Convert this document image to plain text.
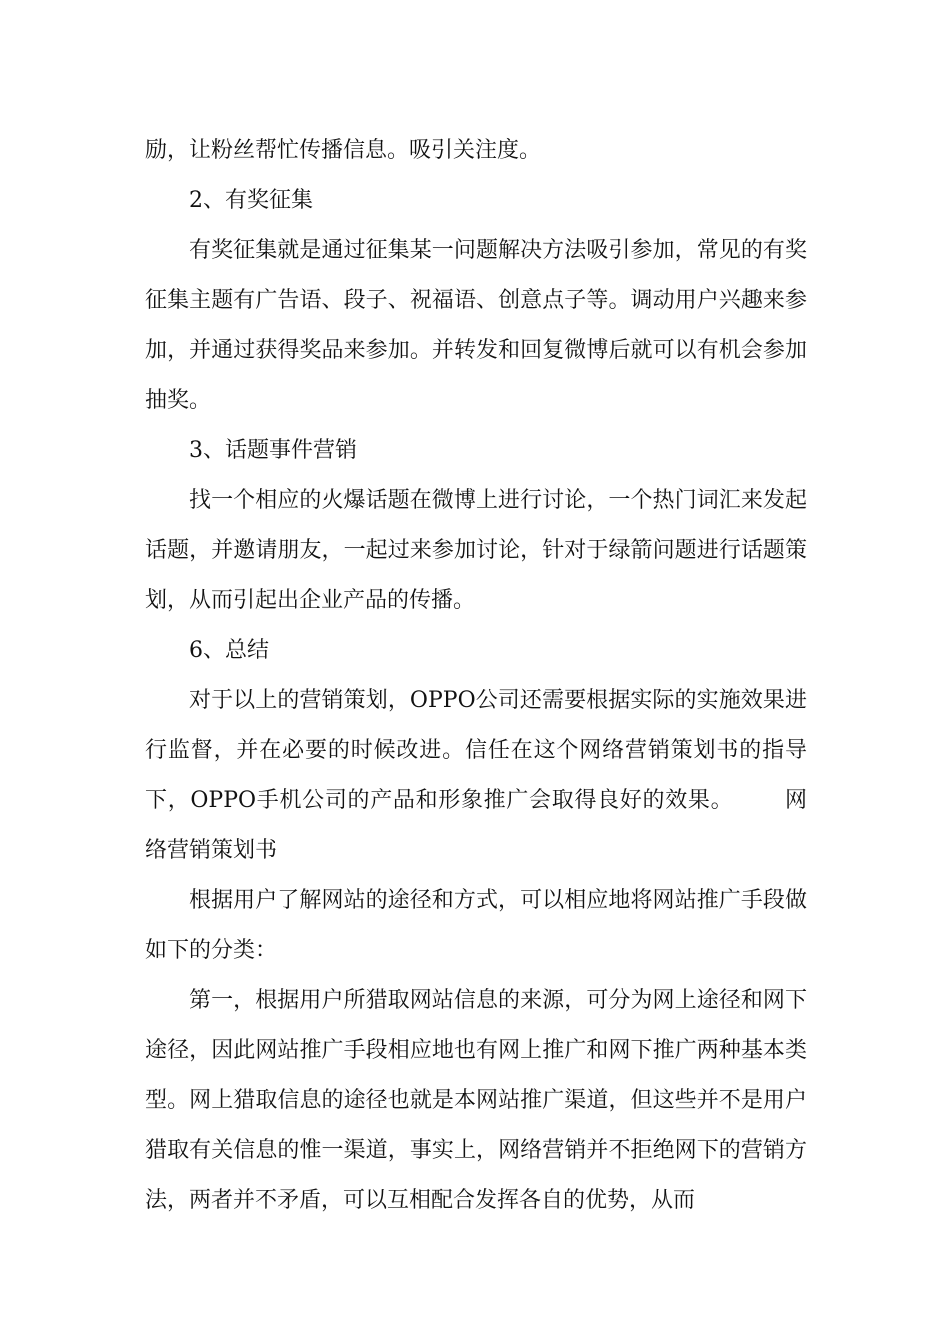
励，让粉丝帮忙传播信息。吸引关注度。

2、有奖征集

有奖征集就是通过征集某一问题解决方法吸引参加，常见的有奖征集主题有广告语、段子、祝福语、创意点子等。调动用户兴趣来参加，并通过获得奖品来参加。并转发和回复微博后就可以有机会参加抽奖。

3、话题事件营销

找一个相应的火爆话题在微博上进行讨论，一个热门词汇来发起话题，并邀请朋友，一起过来参加讨论，针对于绿箭问题进行话题策划，从而引起出企业产品的传播。

6、总结

对于以上的营销策划，OPPO公司还需要根据实际的实施效果进行监督，并在必要的时候改进。信任在这个网络营销策划书的指导下，OPPO手机公司的产品和形象推广会取得良好的效果。 网络营销策划书

根据用户了解网站的途径和方式，可以相应地将网站推广手段做如下的分类：

第一，根据用户所猎取网站信息的来源，可分为网上途径和网下途径，因此网站推广手段相应地也有网上推广和网下推广两种基本类型。网上猎取信息的途径也就是本网站推广渠道，但这些并不是用户猎取有关信息的惟一渠道，事实上，网络营销并不拒绝网下的营销方法，两者并不矛盾，可以互相配合发挥各自的优势，从而
